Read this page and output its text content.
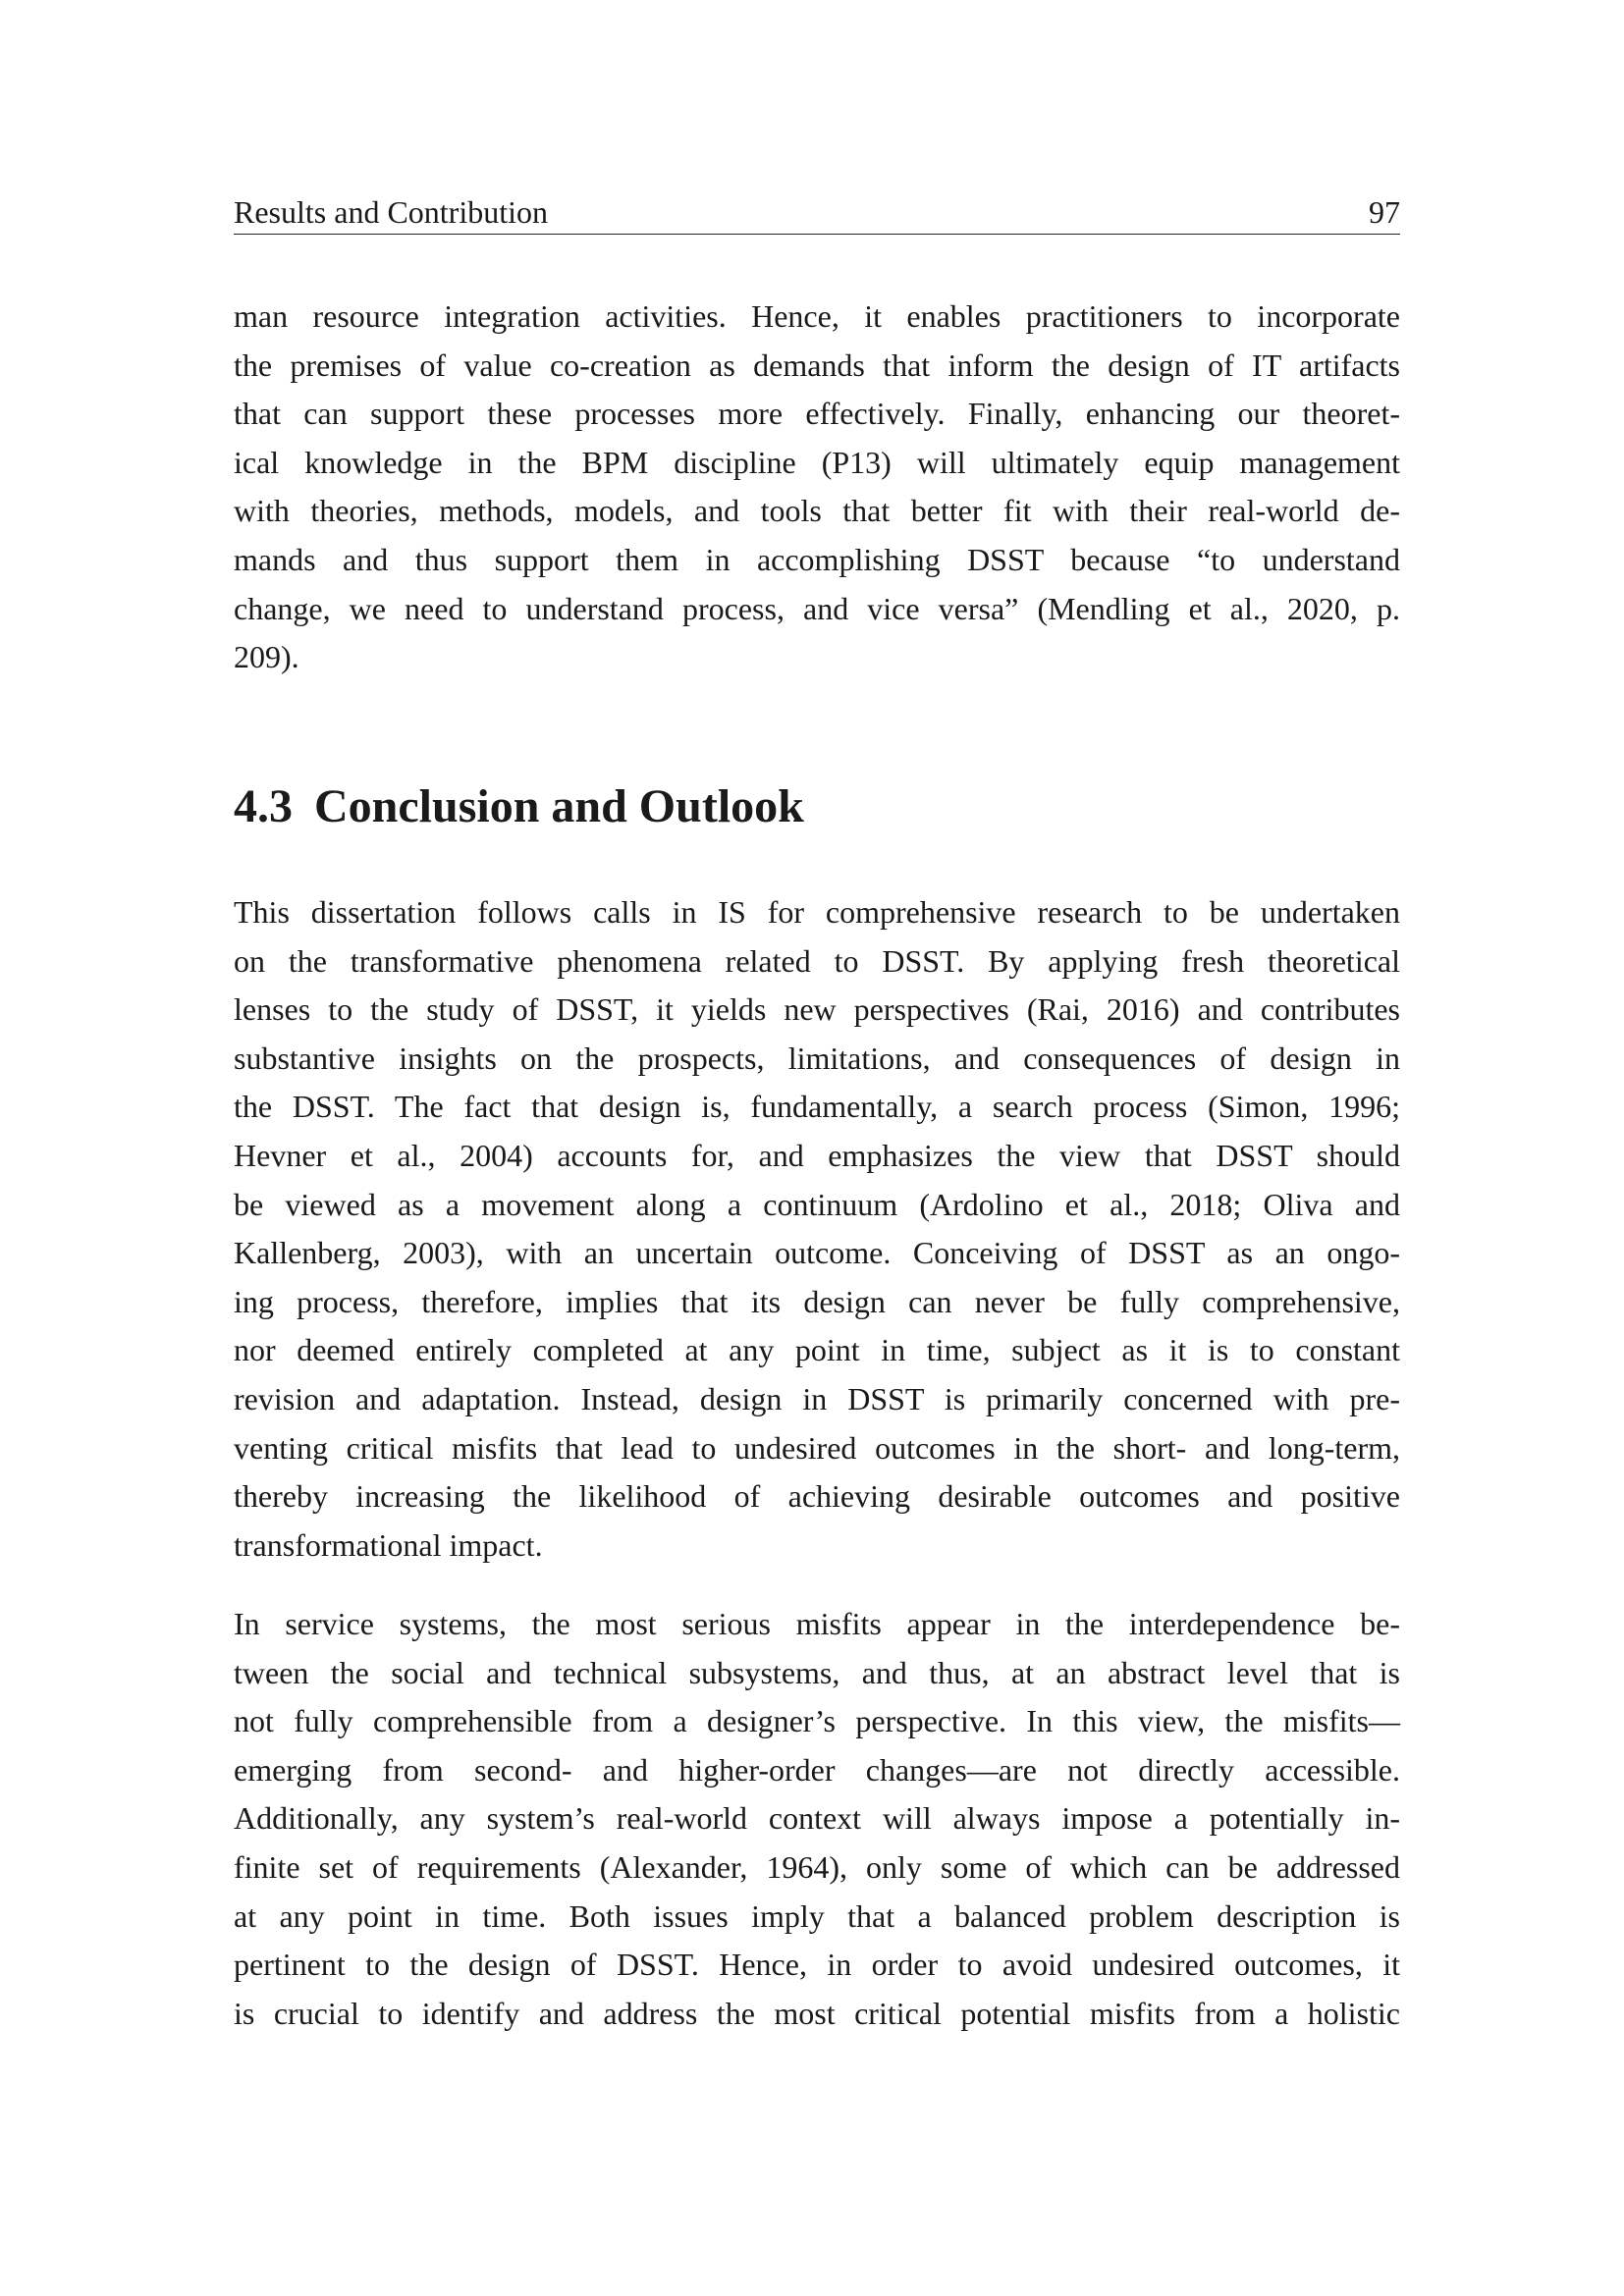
Results and Contribution	97
man resource integration activities. Hence, it enables practitioners to incorporate
the premises of value co-creation as demands that inform the design of IT artifacts
that can support these processes more effectively. Finally, enhancing our theoret-
ical knowledge in the BPM discipline (P13) will ultimately equip management
with theories, methods, models, and tools that better fit with their real-world de-
mands and thus support them in accomplishing DSST because “to understand
change, we need to understand process, and vice versa” (Mendling et al., 2020, p.
209).
4.3 Conclusion and Outlook
This dissertation follows calls in IS for comprehensive research to be undertaken
on the transformative phenomena related to DSST. By applying fresh theoretical
lenses to the study of DSST, it yields new perspectives (Rai, 2016) and contributes
substantive insights on the prospects, limitations, and consequences of design in
the DSST. The fact that design is, fundamentally, a search process (Simon, 1996;
Hevner et al., 2004) accounts for, and emphasizes the view that DSST should
be viewed as a movement along a continuum (Ardolino et al., 2018; Oliva and
Kallenberg, 2003), with an uncertain outcome. Conceiving of DSST as an ongo-
ing process, therefore, implies that its design can never be fully comprehensive,
nor deemed entirely completed at any point in time, subject as it is to constant
revision and adaptation. Instead, design in DSST is primarily concerned with pre-
venting critical misfits that lead to undesired outcomes in the short- and long-term,
thereby increasing the likelihood of achieving desirable outcomes and positive
transformational impact.
In service systems, the most serious misfits appear in the interdependence be-
tween the social and technical subsystems, and thus, at an abstract level that is
not fully comprehensible from a designer’s perspective. In this view, the misfits—
emerging from second- and higher-order changes—are not directly accessible.
Additionally, any system’s real-world context will always impose a potentially in-
finite set of requirements (Alexander, 1964), only some of which can be addressed
at any point in time. Both issues imply that a balanced problem description is
pertinent to the design of DSST. Hence, in order to avoid undesired outcomes, it
is crucial to identify and address the most critical potential misfits from a holistic
